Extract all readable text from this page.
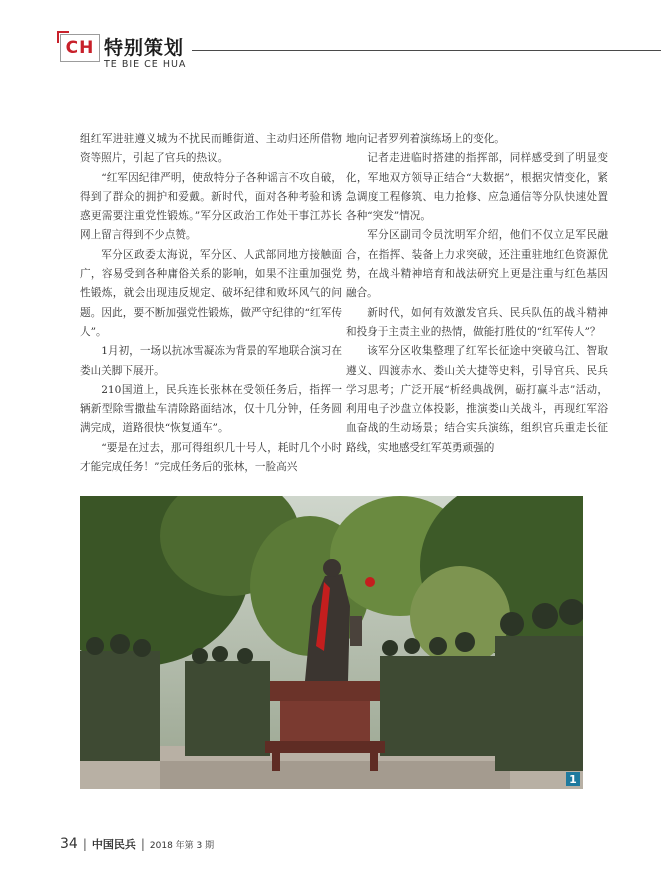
CH 特别策划
TE BIE CE HUA

组红军进驻遵义城为不扰民而睡街道、主动归还所借物资等照片，引起了官兵的热议。

“红军因纪律严明，使敌特分子各种谣言不攻自破，得到了群众的拥护和爱戴。新时代，面对各种考验和诱惑更需要注重党性锻炼。”军分区政治工作处干事江苏长网上留言得到不少点赞。

军分区政委太海说，军分区、人武部同地方接触面广，容易受到各种庸俗关系的影响，如果不注重加强党性锻炼，就会出现违反规定、破坏纪律和败坏风气的问题。因此，要不断加强党性锻炼，做严守纪律的“红军传人”。

1月初，一场以抗冰雪凝冻为背景的军地联合演习在娄山关脚下展开。

210国道上，民兵连长张林在受领任务后，指挥一辆新型除雪撒盐车清除路面结冰，仅十几分钟，任务圆满完成，道路很快“恢复通车”。

“要是在过去，那可得组织几十号人，耗时几个小时才能完成任务！”完成任务后的张林，一脸高兴

地向记者罗列着演练场上的变化。

记者走进临时搭建的指挥部，同样感受到了明显变化，军地双方领导正结合“大数据”，根据灾情变化，紧急调度工程修筑、电力抢修、应急通信等分队快速处置各种“突发”情况。

军分区副司令员沈明军介绍，他们不仅立足军民融合，在指挥、装备上力求突破，还注重驻地红色资源优势，在战斗精神培育和战法研究上更是注重与红色基因融合。

新时代，如何有效激发官兵、民兵队伍的战斗精神和投身于主责主业的热情，做能打胜仗的“红军传人”？

该军分区收集整理了红军长征途中突破乌江、智取遵义、四渡赤水、娄山关大捷等史料，引导官兵、民兵学习思考；广泛开展“析经典战例，砺打赢斗志”活动，利用电子沙盘立体投影，推演娄山关战斗，再现红军浴血奋战的生动场景；结合实兵演练，组织官兵重走长征路线，实地感受红军英勇顽强的

1
34 | 中国民兵 | 2018 年第 3 期
